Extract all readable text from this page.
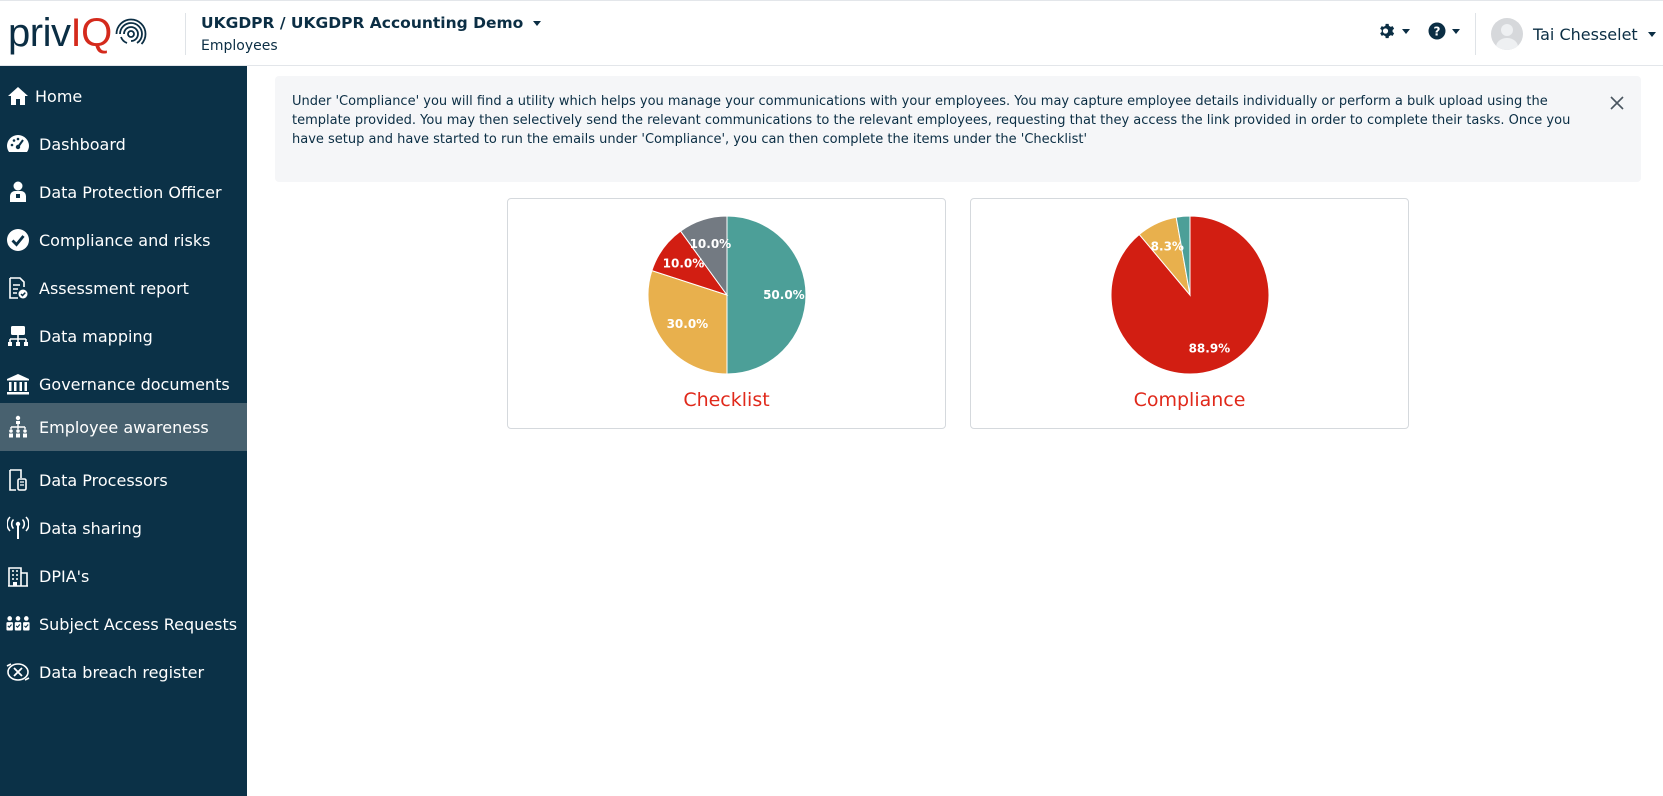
priv IQ	UKGDPR / UKGDPR Accounting Demo
Employees
?	Tai Chesselet
Home
Dashboard
Data Protection Officer
Compliance and risks
Assessment report
Data mapping
Governance documents
Employee awareness
Data Processors
Data sharing
DPIA's
Subject Access Requests
Data breach register
Under 'Compliance' you will find a utility which helps you manage your communications with your employees. You may capture employee details individually or perform a bulk upload using the template provided. You may then selectively send the relevant communications to the relevant employees, requesting that they access the link provided in order to complete their tasks. Once you have setup and have started to run the emails under 'Compliance', you can then complete the items under the 'Checklist'
50.0%
30.0%
10.0%
10.0%
Checklist
88.9%
8.3%
Compliance
